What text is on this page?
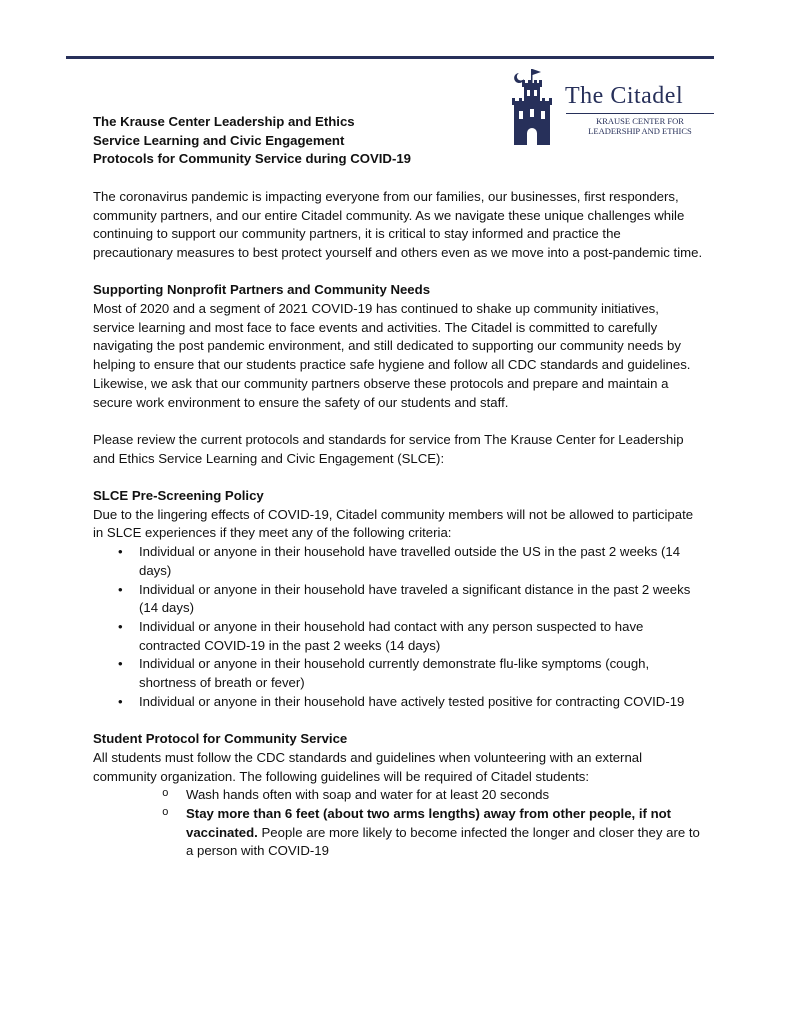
The Citadel
KRAUSE CENTER FOR
LEADERSHIP AND ETHICS
The Krause Center Leadership and Ethics
Service Learning and Civic Engagement
Protocols for Community Service during COVID-19

The coronavirus pandemic is impacting everyone from our families, our businesses, first responders, community partners, and our entire Citadel community. As we navigate these unique challenges while continuing to support our community partners, it is critical to stay informed and practice the precautionary measures to best protect yourself and others even as we move into a post-pandemic time.

Supporting Nonprofit Partners and Community Needs
Most of 2020 and a segment of 2021 COVID-19 has continued to shake up community initiatives, service learning and most face to face events and activities. The Citadel is committed to carefully navigating the post pandemic environment, and still dedicated to supporting our community needs by helping to ensure that our students practice safe hygiene and follow all CDC standards and guidelines. Likewise, we ask that our community partners observe these protocols and prepare and maintain a secure work environment to ensure the safety of our students and staff.

Please review the current protocols and standards for service from The Krause Center for Leadership and Ethics Service Learning and Civic Engagement (SLCE):

SLCE Pre-Screening Policy
Due to the lingering effects of COVID-19, Citadel community members will not be allowed to participate in SLCE experiences if they meet any of the following criteria:
• Individual or anyone in their household have travelled outside the US in the past 2 weeks (14 days)
• Individual or anyone in their household have traveled a significant distance in the past 2 weeks (14 days)
• Individual or anyone in their household had contact with any person suspected to have contracted COVID-19 in the past 2 weeks (14 days)
• Individual or anyone in their household currently demonstrate flu-like symptoms (cough, shortness of breath or fever)
• Individual or anyone in their household have actively tested positive for contracting COVID-19
Student Protocol for Community Service
All students must follow the CDC standards and guidelines when volunteering with an external community organization. The following guidelines will be required of Citadel students:
o Wash hands often with soap and water for at least 20 seconds
o Stay more than 6 feet (about two arms lengths) away from other people, if not vaccinated. People are more likely to become infected the longer and closer they are to a person with COVID-19
